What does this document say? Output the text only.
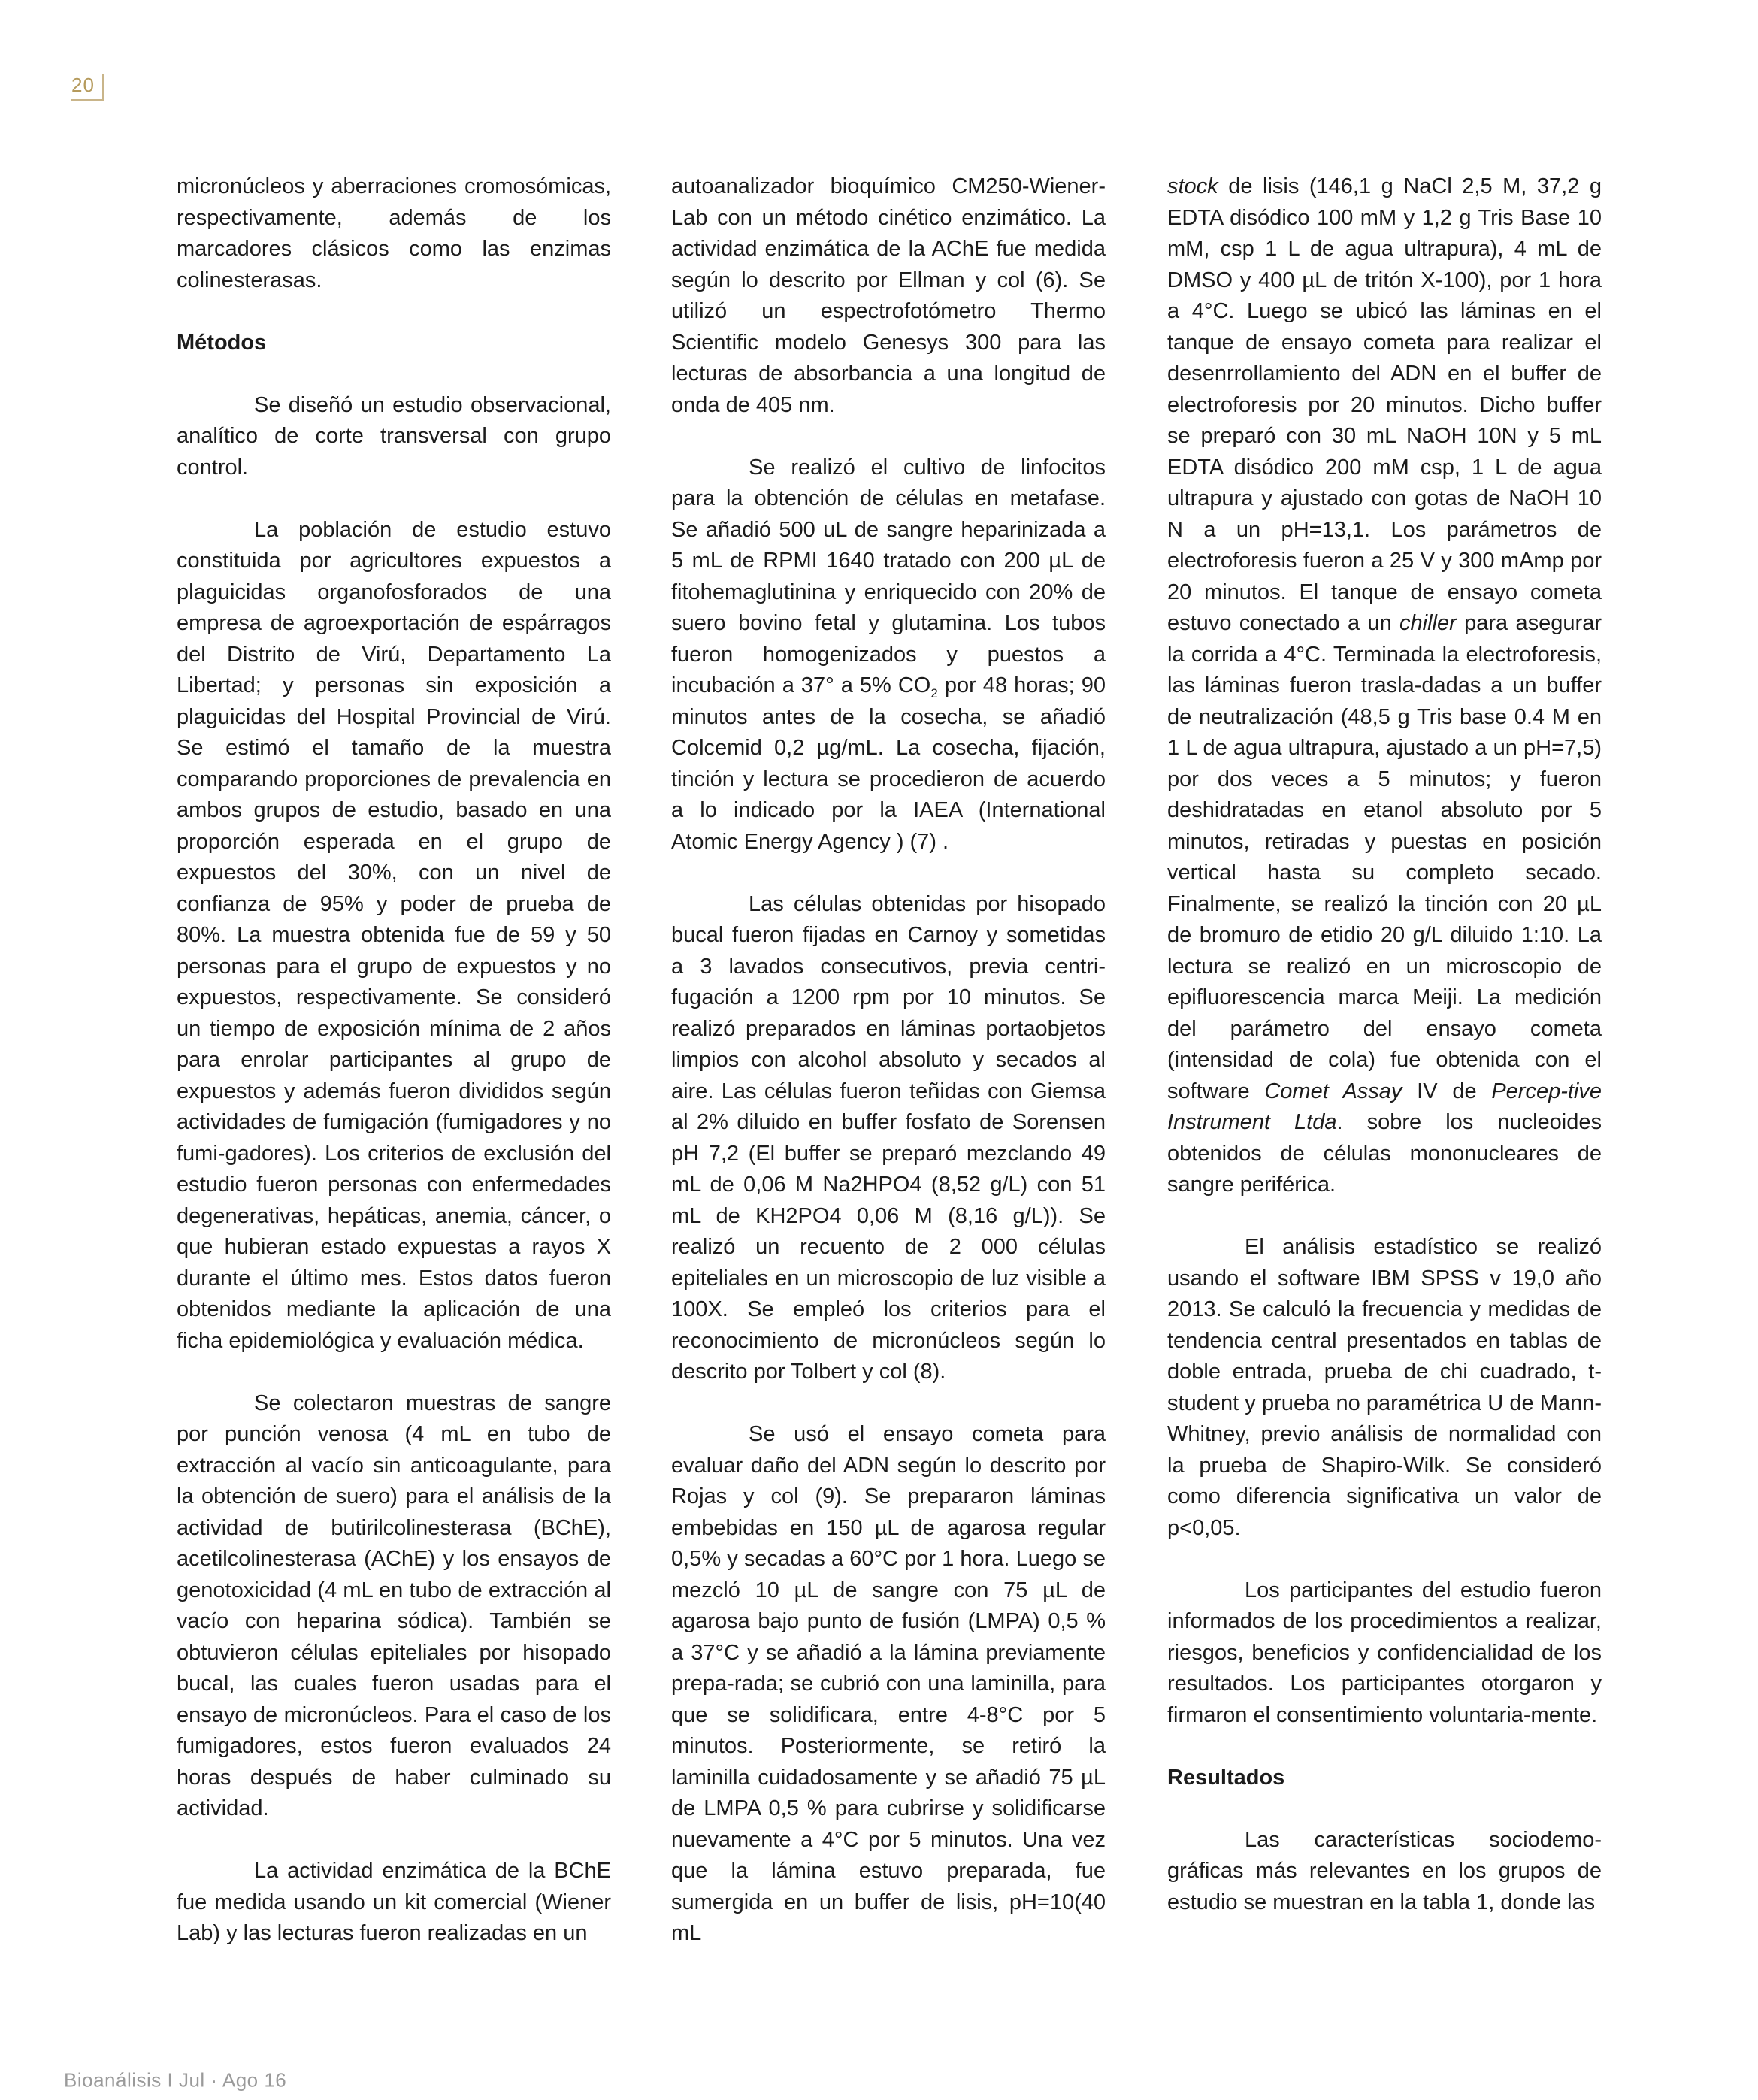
20

micronúcleos y aberraciones cromosómicas, respectivamente, además de los marcadores clásicos como las enzimas colinesterasas.

Métodos

Se diseñó un estudio observacional, analítico de corte transversal con grupo control.

La población de estudio estuvo constituida por agricultores expuestos a plaguicidas organofosforados de una empresa de agroexportación de espárragos del Distrito de Virú, Departamento La Libertad; y personas sin exposición a plaguicidas del Hospital Provincial de Virú. Se estimó el tamaño de la muestra comparando proporciones de prevalencia en ambos grupos de estudio, basado en una proporción esperada en el grupo de expuestos del 30%, con un nivel de confianza de 95% y poder de prueba de 80%. La muestra obtenida fue de 59 y 50 personas para el grupo de expuestos y no expuestos, respectivamente. Se consideró un tiempo de exposición mínima de 2 años para enrolar participantes al grupo de expuestos y además fueron divididos según actividades de fumigación (fumigadores y no fumi-gadores). Los criterios de exclusión del estudio fueron personas con enfermedades degenerativas, hepáticas, anemia, cáncer, o que hubieran estado expuestas a rayos X durante el último mes. Estos datos fueron obtenidos mediante la aplicación de una ficha epidemiológica y evaluación médica.

Se colectaron muestras de sangre por punción venosa (4 mL en tubo de extracción al vacío sin anticoagulante, para la obtención de suero) para el análisis de la actividad de butirilcolinesterasa (BChE), acetilcolinesterasa (AChE) y los ensayos de genotoxicidad (4 mL en tubo de extracción al vacío con heparina sódica). También se obtuvieron células epiteliales por hisopado bucal, las cuales fueron usadas para el ensayo de micronúcleos. Para el caso de los fumigadores, estos fueron evaluados 24 horas después de haber culminado su actividad.

La actividad enzimática de la BChE fue medida usando un kit comercial (Wiener Lab) y las lecturas fueron realizadas en un

autoanalizador bioquímico CM250-Wiener-Lab con un método cinético enzimático. La actividad enzimática de la AChE fue medida según lo descrito por Ellman y col (6). Se utilizó un espectrofotómetro Thermo Scientific modelo Genesys 300 para las lecturas de absorbancia a una longitud de onda de 405 nm.

Se realizó el cultivo de linfocitos para la obtención de células en metafase. Se añadió 500 uL de sangre heparinizada a 5 mL de RPMI 1640 tratado con 200 µL de fitohemaglutinina y enriquecido con 20% de suero bovino fetal y glutamina. Los tubos fueron homogenizados y puestos a incubación a 37° a 5% $CO_2$ por 48 horas; 90 minutos antes de la cosecha, se añadió Colcemid 0,2 µg/mL. La cosecha, fijación, tinción y lectura se procedieron de acuerdo a lo indicado por la IAEA (International Atomic Energy Agency ) (7) .

Las células obtenidas por hisopado bucal fueron fijadas en Carnoy y sometidas a 3 lavados consecutivos, previa centri-fugación a 1200 rpm por 10 minutos. Se realizó preparados en láminas portaobjetos limpios con alcohol absoluto y secados al aire. Las células fueron teñidas con Giemsa al 2% diluido en buffer fosfato de Sorensen pH 7,2 (El buffer se preparó mezclando 49 mL de 0,06 M Na2HPO4 (8,52 g/L) con 51 mL de KH2PO4 0,06 M (8,16 g/L)). Se realizó un recuento de 2 000 células epiteliales en un microscopio de luz visible a 100X. Se empleó los criterios para el reconocimiento de micronúcleos según lo descrito por Tolbert y col (8).

Se usó el ensayo cometa para evaluar daño del ADN según lo descrito por Rojas y col (9). Se prepararon láminas embebidas en 150 µL de agarosa regular 0,5% y secadas a 60°C por 1 hora. Luego se mezcló 10 µL de sangre con 75 µL de agarosa bajo punto de fusión (LMPA) 0,5 % a 37°C y se añadió a la lámina previamente prepa-rada; se cubrió con una laminilla, para que se solidificara, entre 4-8°C por 5 minutos. Posteriormente, se retiró la laminilla cuidadosamente y se añadió 75 µL de LMPA 0,5 % para cubrirse y solidificarse nuevamente a 4°C por 5 minutos. Una vez que la lámina estuvo preparada, fue sumergida en un buffer de lisis, pH=10(40 mL

stock de lisis (146,1 g NaCl 2,5 M, 37,2 g EDTA disódico 100 mM y 1,2 g Tris Base 10 mM, csp 1 L de agua ultrapura), 4 mL de DMSO y 400 µL de tritón X-100), por 1 hora a 4°C. Luego se ubicó las láminas en el tanque de ensayo cometa para realizar el desenrrollamiento del ADN en el buffer de electroforesis por 20 minutos. Dicho buffer se preparó con 30 mL NaOH 10N y 5 mL EDTA disódico 200 mM csp, 1 L de agua ultrapura y ajustado con gotas de NaOH 10 N a un pH=13,1. Los parámetros de electroforesis fueron a 25 V y 300 mAmp por 20 minutos. El tanque de ensayo cometa estuvo conectado a un chiller para asegurar la corrida a 4°C. Terminada la electroforesis, las láminas fueron trasla-dadas a un buffer de neutralización (48,5 g Tris base 0.4 M en 1 L de agua ultrapura, ajustado a un pH=7,5) por dos veces a 5 minutos; y fueron deshidratadas en etanol absoluto por 5 minutos, retiradas y puestas en posición vertical hasta su completo secado. Finalmente, se realizó la tinción con 20 µL de bromuro de etidio 20 g/L diluido 1:10. La lectura se realizó en un microscopio de epifluorescencia marca Meiji. La medición del parámetro del ensayo cometa (intensidad de cola) fue obtenida con el software Comet Assay IV de Percep-tive Instrument Ltda. sobre los nucleoides obtenidos de células mononucleares de sangre periférica.

El análisis estadístico se realizó usando el software IBM SPSS v 19,0 año 2013. Se calculó la frecuencia y medidas de tendencia central presentados en tablas de doble entrada, prueba de chi cuadrado, t-student y prueba no paramétrica U de Mann-Whitney, previo análisis de normalidad con la prueba de Shapiro-Wilk. Se consideró como diferencia significativa un valor de p<0,05.

Los participantes del estudio fueron informados de los procedimientos a realizar, riesgos, beneficios y confidencialidad de los resultados. Los participantes otorgaron y firmaron el consentimiento voluntaria-mente.

Resultados

Las características sociodemo-gráficas más relevantes en los grupos de estudio se muestran en la tabla 1, donde las

Bioanálisis I Jul · Ago 16
